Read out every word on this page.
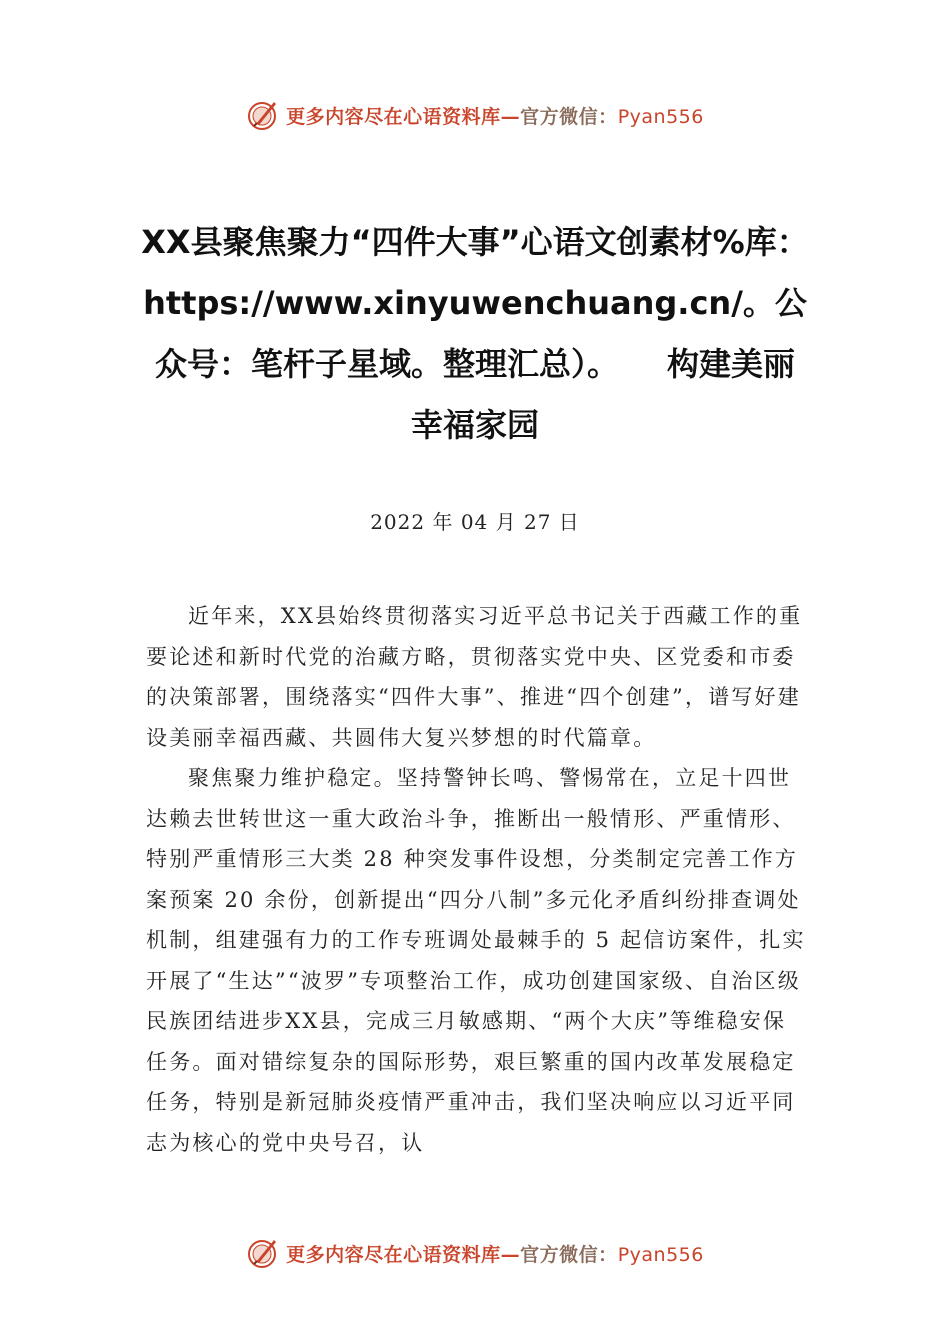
更多内容尽在心语资料库—官方微信：Pyan556
XX县聚焦聚力“四件大事”心语文创素材%库：https://www.xinyuwenchuang.cn/。公众号：笔杆子星域。整理汇总）。　　构建美丽幸福家园
2022 年 04 月 27 日

近年来，XX县始终贯彻落实习近平总书记关于西藏工作的重要论述和新时代党的治藏方略，贯彻落实党中央、区党委和市委的决策部署，围绕落实“四件大事”、推进“四个创建”，谱写好建设美丽幸福西藏、共圆伟大复兴梦想的时代篇章。

聚焦聚力维护稳定。坚持警钟长鸣、警惕常在，立足十四世达赖去世转世这一重大政治斗争，推断出一般情形、严重情形、特别严重情形三大类 28 种突发事件设想，分类制定完善工作方案预案 20 余份，创新提出“四分八制”多元化矛盾纠纷排查调处机制，组建强有力的工作专班调处最棘手的 5 起信访案件，扎实开展了“生达”“波罗”专项整治工作，成功创建国家级、自治区级民族团结进步XX县，完成三月敏感期、“两个大庆”等维稳安保任务。面对错综复杂的国际形势，艰巨繁重的国内改革发展稳定任务，特别是新冠肺炎疫情严重冲击，我们坚决响应以习近平同志为核心的党中央号召，认

更多内容尽在心语资料库—官方微信：Pyan556
